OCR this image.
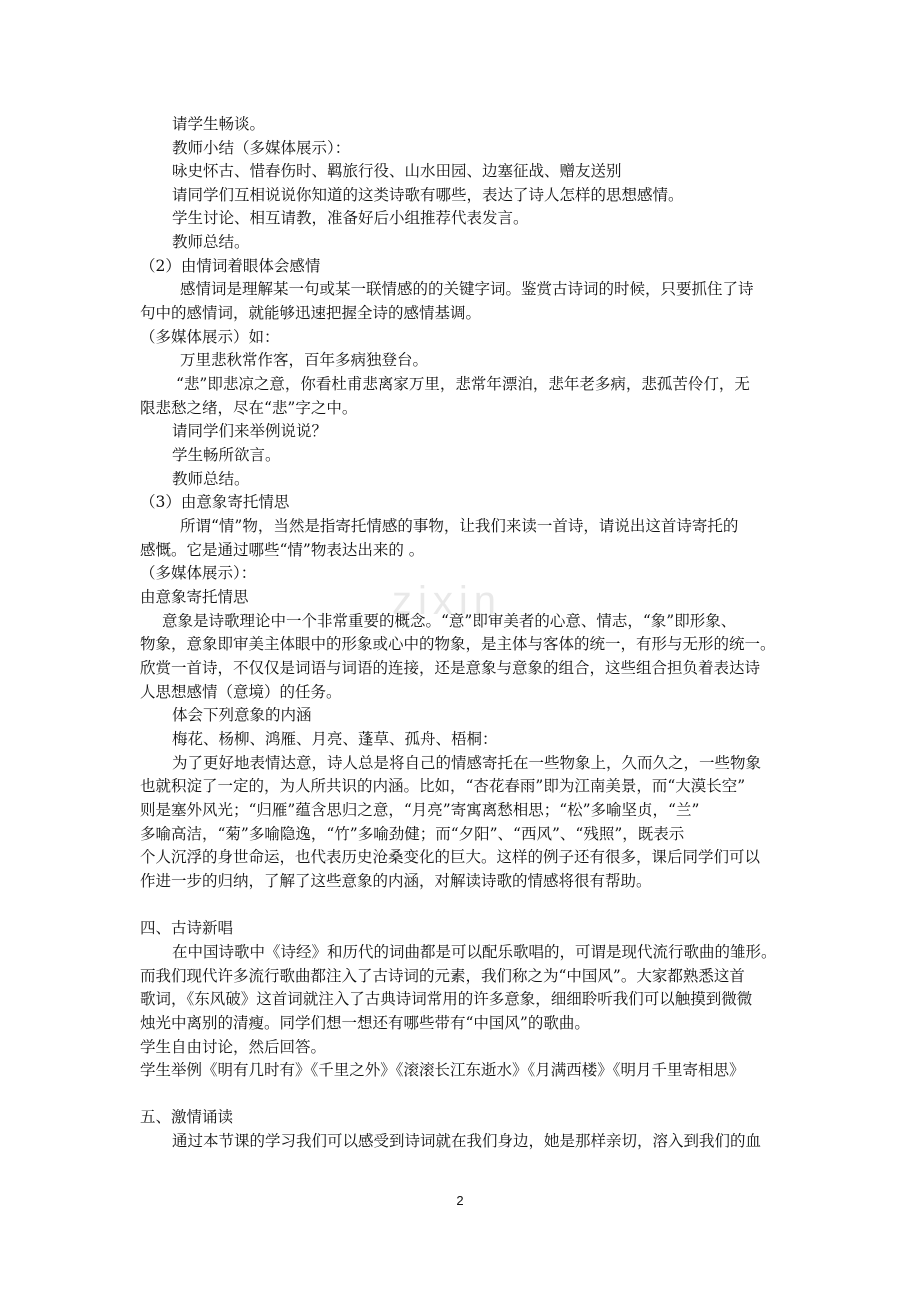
zixin
请学生畅谈。
教师小结（多媒体展示）：
咏史怀古、惜春伤时、羁旅行役、山水田园、边塞征战、赠友送别
请同学们互相说说你知道的这类诗歌有哪些，表达了诗人怎样的思想感情。
学生讨论、相互请教，准备好后小组推荐代表发言。
教师总结。
（2）由情词着眼体会感情
感情词是理解某一句或某一联情感的的关键字词。鉴赏古诗词的时候，只要抓住了诗
句中的感情词，就能够迅速把握全诗的感情基调。
（多媒体展示）如：
万里悲秋常作客，百年多病独登台。
“悲”即悲凉之意，你看杜甫悲离家万里，悲常年漂泊，悲年老多病，悲孤苦伶仃，无
限悲愁之绪，尽在“悲”字之中。
请同学们来举例说说？
学生畅所欲言。
教师总结。
（3）由意象寄托情思
所谓“情”物，当然是指寄托情感的事物，让我们来读一首诗，请说出这首诗寄托的
感慨。它是通过哪些“情”物表达出来的 。
（多媒体展示）：
由意象寄托情思
意象是诗歌理论中一个非常重要的概念。“意”即审美者的心意、情志，“象”即形象、
物象，意象即审美主体眼中的形象或心中的物象，是主体与客体的统一，有形与无形的统一。
欣赏一首诗，不仅仅是词语与词语的连接，还是意象与意象的组合，这些组合担负着表达诗
人思想感情（意境）的任务。
体会下列意象的内涵
梅花、杨柳、鸿雁、月亮、蓬草、孤舟、梧桐：
为了更好地表情达意，诗人总是将自己的情感寄托在一些物象上，久而久之，一些物象
也就积淀了一定的，为人所共识的内涵。比如，“杏花春雨”即为江南美景，而“大漠长空”
则是塞外风光；“归雁”蕴含思归之意，“月亮”寄寓离愁相思；“松”多喻坚贞，“兰”
多喻高洁，“菊”多喻隐逸，“竹”多喻劲健；而“夕阳”、“西风”、“残照”，既表示
个人沉浮的身世命运，也代表历史沧桑变化的巨大。这样的例子还有很多，课后同学们可以
作进一步的归纳，了解了这些意象的内涵，对解读诗歌的情感将很有帮助。
四、古诗新唱
在中国诗歌中《诗经》和历代的词曲都是可以配乐歌唱的，可谓是现代流行歌曲的雏形。
而我们现代许多流行歌曲都注入了古诗词的元素，我们称之为“中国风”。大家都熟悉这首
歌词，《东风破》这首词就注入了古典诗词常用的许多意象，细细聆听我们可以触摸到微微
烛光中离别的清瘦。同学们想一想还有哪些带有“中国风”的歌曲。
学生自由讨论，然后回答。
学生举例《明有几时有》《千里之外》《滚滚长江东逝水》《月满西楼》《明月千里寄相思》
五、激情诵读
通过本节课的学习我们可以感受到诗词就在我们身边，她是那样亲切，溶入到我们的血
2
